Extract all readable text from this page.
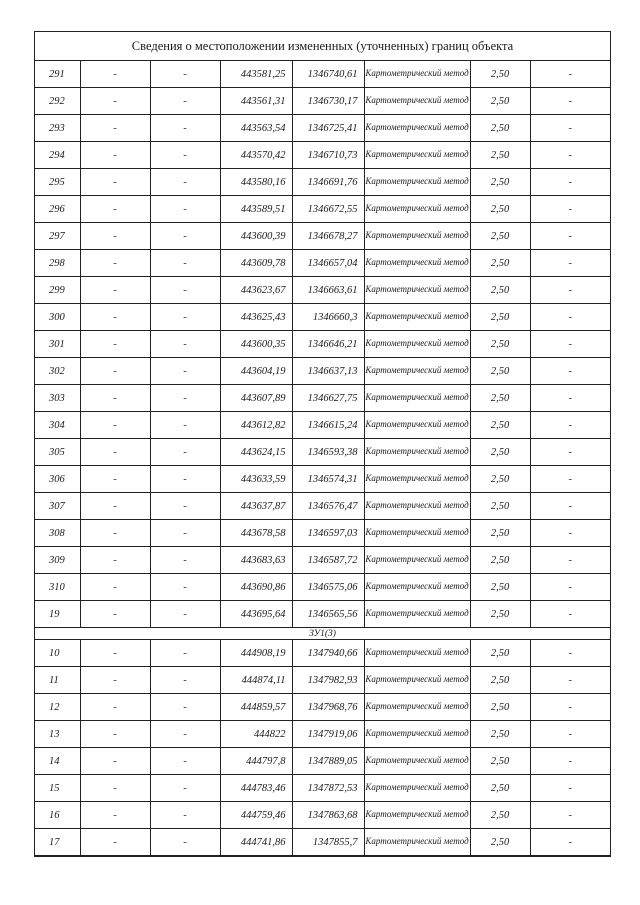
Сведения о местоположении измененных (уточненных) границ объекта
291	-	-	443581,25	1346740,61	Картометрический метод	2,50	-
292	-	-	443561,31	1346730,17	Картометрический метод	2,50	-
293	-	-	443563,54	1346725,41	Картометрический метод	2,50	-
294	-	-	443570,42	1346710,73	Картометрический метод	2,50	-
295	-	-	443580,16	1346691,76	Картометрический метод	2,50	-
296	-	-	443589,51	1346672,55	Картометрический метод	2,50	-
297	-	-	443600,39	1346678,27	Картометрический метод	2,50	-
298	-	-	443609,78	1346657,04	Картометрический метод	2,50	-
299	-	-	443623,67	1346663,61	Картометрический метод	2,50	-
300	-	-	443625,43	1346660,3	Картометрический метод	2,50	-
301	-	-	443600,35	1346646,21	Картометрический метод	2,50	-
302	-	-	443604,19	1346637,13	Картометрический метод	2,50	-
303	-	-	443607,89	1346627,75	Картометрический метод	2,50	-
304	-	-	443612,82	1346615,24	Картометрический метод	2,50	-
305	-	-	443624,15	1346593,38	Картометрический метод	2,50	-
306	-	-	443633,59	1346574,31	Картометрический метод	2,50	-
307	-	-	443637,87	1346576,47	Картометрический метод	2,50	-
308	-	-	443678,58	1346597,03	Картометрический метод	2,50	-
309	-	-	443683,63	1346587,72	Картометрический метод	2,50	-
310	-	-	443690,86	1346575,06	Картометрический метод	2,50	-
19	-	-	443695,64	1346565,56	Картометрический метод	2,50	-
ЗУ1(3)							
10	-	-	444908,19	1347940,66	Картометрический метод	2,50	-
11	-	-	444874,11	1347982,93	Картометрический метод	2,50	-
12	-	-	444859,57	1347968,76	Картометрический метод	2,50	-
13	-	-	444822	1347919,06	Картометрический метод	2,50	-
14	-	-	444797,8	1347889,05	Картометрический метод	2,50	-
15	-	-	444783,46	1347872,53	Картометрический метод	2,50	-
16	-	-	444759,46	1347863,68	Картометрический метод	2,50	-
17	-	-	444741,86	1347855,7	Картометрический метод	2,50	-
